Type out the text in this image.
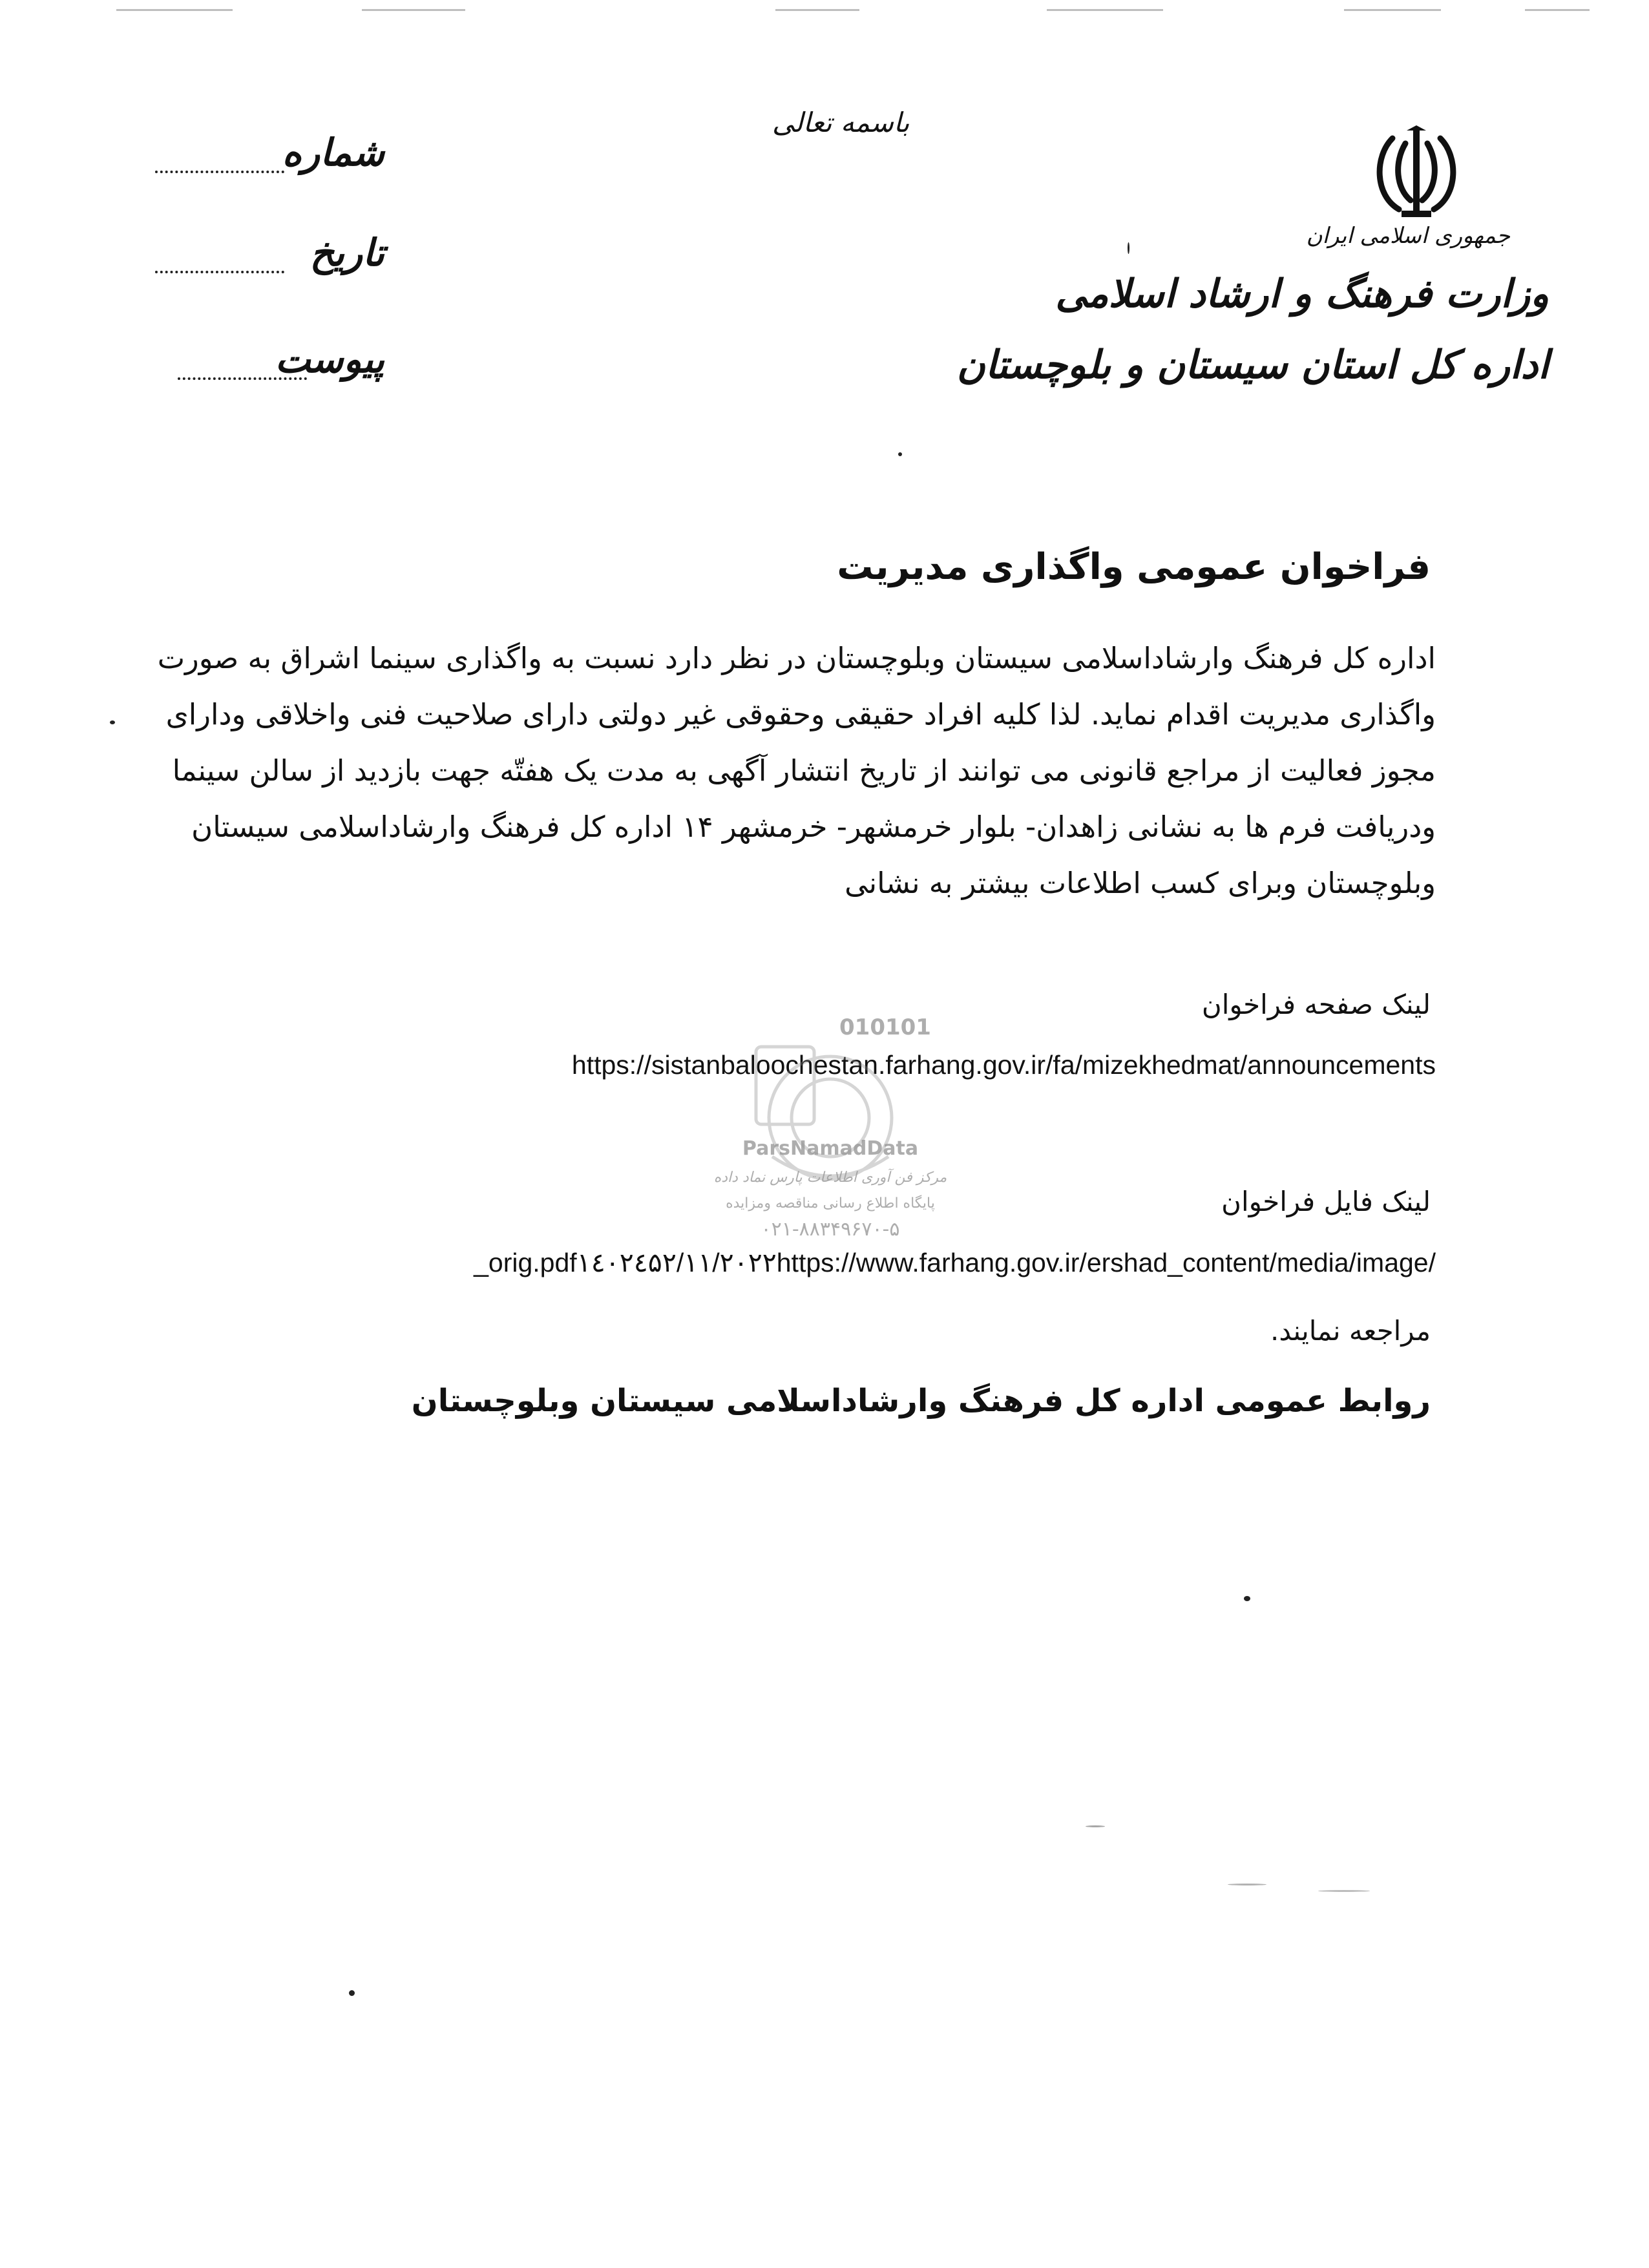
جمهوری اسلامی ایران
وزارت فرهنگ و ارشاد اسلامی
اداره کل استان سیستان و بلوچستان
باسمه تعالی
شماره
تاریخ
پیوست
فراخوان عمومی واگذاری مدیریت
اداره کل فرهنگ وارشاداسلامی سیستان وبلوچستان در نظر دارد نسبت به واگذاری سینما اشراق به صورت
واگذاری مدیریت اقدام نماید. لذا کلیه افراد حقیقی وحقوقی غیر دولتی دارای صلاحیت فنی واخلاقی ودارای
مجوز فعالیت از مراجع قانونی می توانند از تاریخ انتشار آگهی به مدت یک هفتّه جهت بازدید از سالن سینما
ودریافت فرم ها به نشانی زاهدان- بلوار خرمشهر- خرمشهر ۱۴ اداره کل فرهنگ وارشاداسلامی سیستان
وبلوچستان وبرای کسب اطلاعات بیشتر به نشانی
لینک صفحه فراخوان
https://sistanbaloochestan.farhang.gov.ir/fa/mizekhedmat/announcements
لینک فایل فراخوان
_orig.pdf۱٤۰۲٤۵۲/۱۱/۲۰۲۲https://www.farhang.gov.ir/ershad_content/media/image/
مراجعه نمایند.
روابط عمومی اداره کل فرهنگ وارشاداسلامی سیستان وبلوچستان
010101
ParsNamadData
مرکز فن آوری اطلاعات پارس نماد داده
پایگاه اطلاع رسانی مناقصه ومزایده
۰۲۱-۸۸۳۴۹۶۷۰-۵
